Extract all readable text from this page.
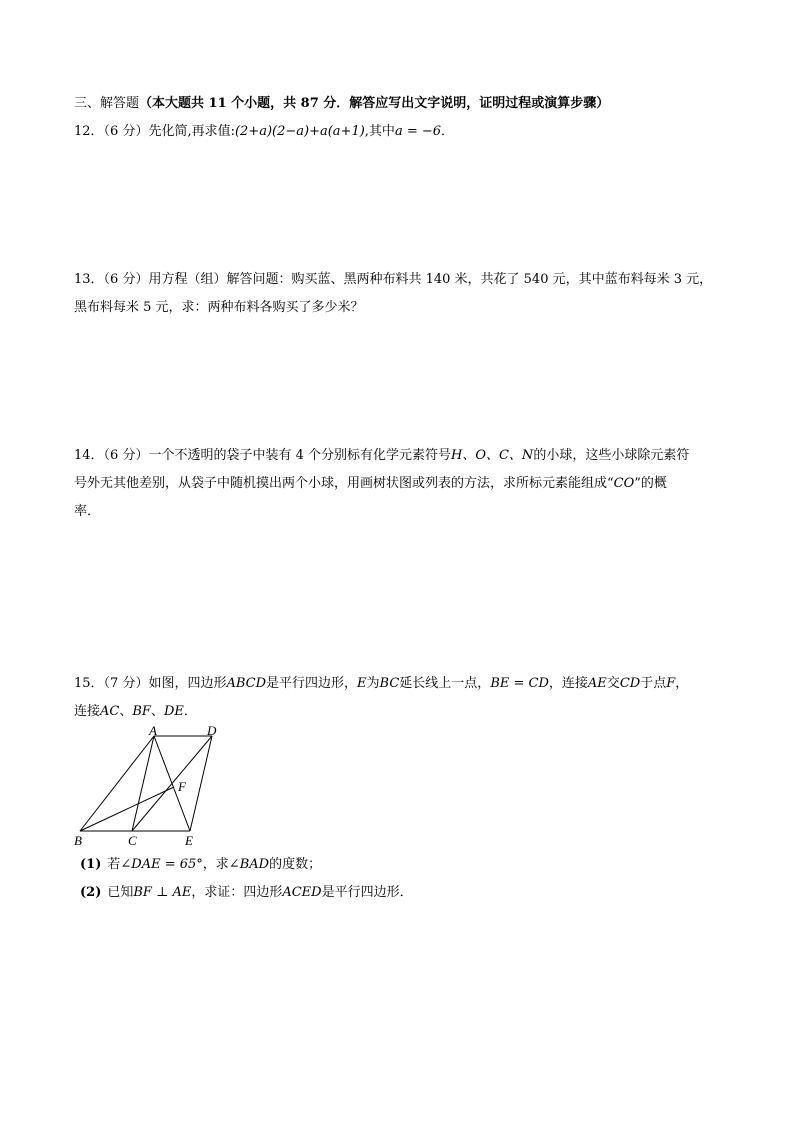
三、解答题（本大题共 11 个小题，共 87 分．解答应写出文字说明，证明过程或演算步骤）
12．（6 分）先化简,再求值:(2+a)(2−a)+a(a+1),其中a = −6．
13．（6 分）用方程（组）解答问题：购买蓝、黑两种布料共 140 米，共花了 540 元，其中蓝布料每米 3 元，
黑布料每米 5 元，求：两种布料各购买了多少米？
14．（6 分）一个不透明的袋子中装有 4 个分别标有化学元素符号H、O、C、N的小球，这些小球除元素符
号外无其他差别，从袋子中随机摸出两个小球，用画树状图或列表的方法，求所标元素能组成“CO”的概
率．
15．（7 分）如图，四边形ABCD是平行四边形，E为BC延长线上一点，BE = CD，连接AE交CD于点F，
连接AC、BF、DE．
A	D
F
B	C	E
(1) 若∠DAE = 65°，求∠BAD的度数；
(2) 已知BF ⊥ AE，求证：四边形ACED是平行四边形．
